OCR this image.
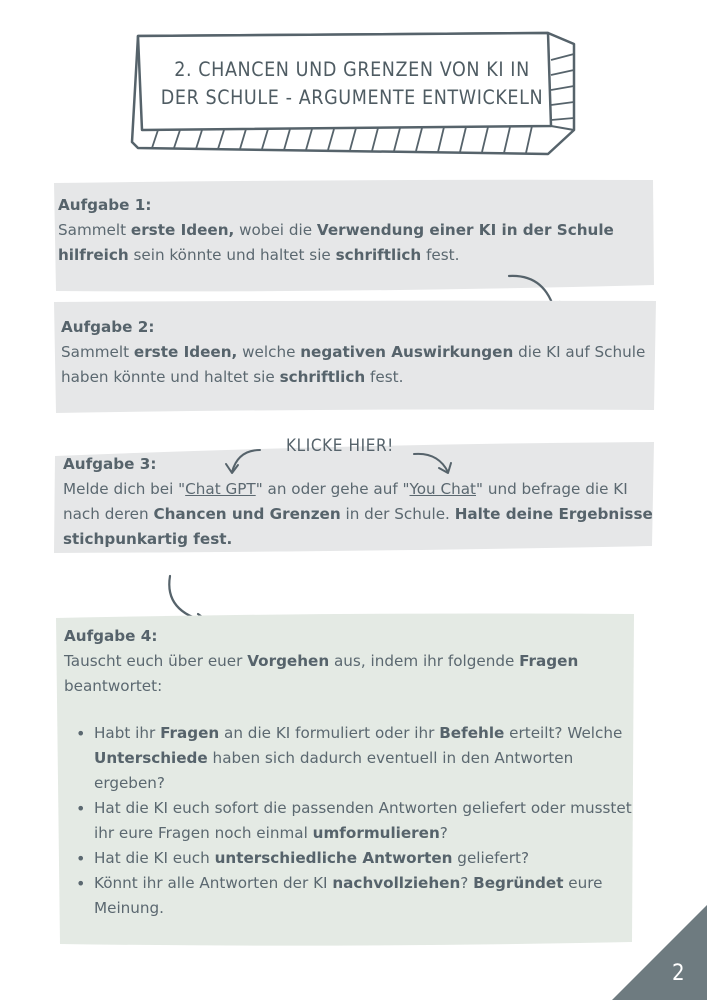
2. CHANCEN UND GRENZEN VON KI IN DER SCHULE - ARGUMENTE ENTWICKELN
Aufgabe 1:
Sammelt erste Ideen, wobei die Verwendung einer KI in der Schule hilfreich sein könnte und haltet sie schriftlich fest.
Aufgabe 2:
Sammelt erste Ideen, welche negativen Auswirkungen die KI auf Schule haben könnte und haltet sie schriftlich fest.
Aufgabe 3:
Melde dich bei "Chat GPT" an oder gehe auf "You Chat" und befrage die KI nach deren Chancen und Grenzen in der Schule. Halte deine Ergebnisse stichpunkartig fest.
KLICKE HIER!
Aufgabe 4:
Tauscht euch über euer Vorgehen aus, indem ihr folgende Fragen
beantwortet:
• Habt ihr Fragen an die KI formuliert oder ihr Befehle erteilt? Welche Unterschiede haben sich dadurch eventuell in den Antworten ergeben?
• Hat die KI euch sofort die passenden Antworten geliefert oder musstet ihr eure Fragen noch einmal umformulieren?
• Hat die KI euch unterschiedliche Antworten geliefert?
• Könnt ihr alle Antworten der KI nachvollziehen? Begründet eure Meinung.
2
